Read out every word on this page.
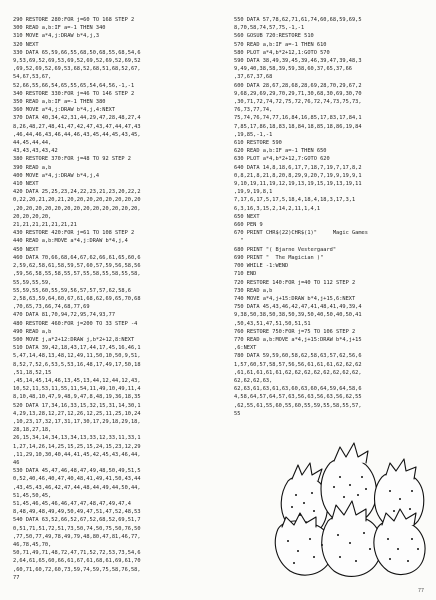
290 RESTORE 280:FOR j=60 TO 168 STEP 2
300 READ a,b:IF a=-1 THEN 340
310 MOVE a*4,j:DRAW b*4,j,3
320 NEXT
330 DATA 65,59,66,55,68,50,68,55,68,54,6
9,53,69,52,69,53,69,52,69,52,69,52,69,52
,69,52,69,52,69,53,68,52,68,51,68,52,67,
54,67,53,67,
52,66,55,66,54,65,55,65,54,64,56,-1,-1
340 RESTORE 330:FOR j=46 TO 146 STEP 2
350 READ a,b:IF a=-1 THEN 380
360 MOVE a*4,j:DRAW b*4,j,4:NEXT
370 DATA 40,34,42,31,44,29,47,28,48,27,4
8,26,48,27,48,41,47,42,47,43,47,44,47,43
,46,44,46,43,46,44,46,43,45,44,45,43,45,
44,45,44,44,
43,43,43,43,42
380 RESTORE 370:FOR j=48 TO 92 STEP 2
390 READ a,b
400 MOVE a*4,j:DRAW b*4,j,4
410 NEXT
420 DATA 25,25,23,24,22,23,21,23,20,22,2
0,22,20,21,20,21,20,20,20,20,20,20,20,20
,20,20,20,20,20,20,20,20,20,20,20,20,20,
20,20,20,20,
21,21,21,21,21,21,21
430 RESTORE 420:FOR j=61 TO 108 STEP 2
440 READ a,b:MOVE a*4,j:DRAW b*4,j,4
450 NEXT
460 DATA 70,66,68,64,67,62,66,61,65,60,6
2,59,62,58,61,58,59,57,60,57,59,56,58,56
,59,56,58,55,58,55,57,55,58,55,58,55,58,
55,59,55,59,
55,59,55,60,55,59,56,57,57,57,62,58,6
2,58,63,59,64,60,67,61,68,62,69,65,70,68
,70,65,73,66,74,68,77,69
470 DATA 81,70,94,72,95,74,93,77
480 RESTORE 460:FOR j=200 TO 33 STEP -4
490 READ a,b
500 MOVE j,a*2+12:DRAW j,b*2+12,8:NEXT
510 DATA 39,42,18,43,17,44,17,45,16,46,1
5,47,14,48,13,48,12,49,11,50,10,50,9,51,
8,52,7,52,6,53,5,53,16,48,17,49,17,50,18
,51,18,52,15
,45,14,45,14,46,13,45,13,44,12,44,12,43,
10,52,11,53,11,55,11,54,11,49,10,49,11,4
8,10,48,10,47,9,48,9,47,8,48,19,36,18,35
520 DATA 17,34,16,33,15,32,15,31,14,30,1
4,29,13,28,12,27,12,26,12,25,11,25,10,24
,10,23,17,32,17,31,17,30,17,29,18,29,18,
28,18,27,18,
26,15,34,14,34,13,34,13,33,12,33,11,33,1
1,27,14,26,14,25,15,25,15,24,15,23,12,29
,11,29,10,30,40,44,41,45,42,45,43,46,44,
46
530 DATA 45,47,46,48,47,49,48,50,49,51,5
0,52,40,46,40,47,40,48,41,49,41,50,43,44
,43,45,43,46,42,47,44,48,44,49,44,50,44,
51,45,50,45,
51,45,46,45,46,46,47,47,48,47,49,47,4
8,48,49,48,49,49,50,49,47,51,47,52,48,53
540 DATA 63,52,66,52,67,52,68,52,69,51,7
0,51,71,51,72,51,73,50,74,50,75,50,76,50
,77,50,77,49,78,49,79,48,80,47,81,46,77,
46,78,45,70,
50,71,49,71,48,72,47,71,52,72,53,73,54,6
2,64,61,65,60,66,61,67,61,68,61,69,61,70
,60,71,60,72,60,73,59,74,59,75,58,76,58,
77
550 DATA 57,78,62,71,61,74,60,68,59,69,5
8,70,58,74,57,75,-1,-1
560 GOSUB 720:RESTORE 510
570 READ a,b:IF a=-1 THEN 610
580 PLOT a*4,b*2+12,1:GOTO 570
590 DATA 38,49,39,45,39,46,39,47,39,48,3
9,49,40,38,58,39,59,38,60,37,65,37,66
,37,67,37,68
600 DATA 28,67,28,68,28,69,28,70,29,67,2
9,68,29,69,29,70,29,71,30,68,30,69,30,70
,30,71,72,74,72,75,72,76,72,74,73,75,73,
76,73,77,74,
75,74,76,74,77,16,84,16,85,17,83,17,84,1
7,85,17,86,18,83,18,84,18,85,18,86,19,84
,19,85,-1,-1
610 RESTORE 590
620 READ a,b:IF a=-1 THEN 650
630 PLOT a*4,b*2+12,7:GOTO 620
640 DATA 14,8,18,6,17,7,18,7,19,7,17,8,2
0,8,21,8,21,8,20,8,29,9,20,7,19,9,19,9,1
9,10,19,11,19,12,19,13,19,15,19,13,19,11
,19,9,19,8,1
7,17,6,17,5,17,5,18,4,18,4,18,3,17,3,1
6,3,16,3,15,2,14,2,11,1,4,1
650 NEXT
660 PEN 9
670 PRINT CHR$(22)CHR$(1)"     Magic Games
"
680 PRINT "( Bjarne Vestergaard"
690 PRINT "  The Magician )"
700 WHILE -1:WEND
710 END
720 RESTORE 140:FOR j=40 TO 112 STEP 2
730 READ a,b
740 MOVE a*4,j+15:DRAW b*4,j+15,6:NEXT
750 DATA 45,43,46,42,47,41,48,41,49,39,4
9,38,50,38,50,38,50,39,50,40,50,40,50,41
,50,43,51,47,51,50,51,51
760 RESTORE 750:FOR j=75 TO 106 STEP 2
770 READ a,b:MOVE a*4,j+15:DRAW b*4,j+15
,6:NEXT
780 DATA 59,59,60,58,62,58,63,57,62,56,6
1,57,60,57,58,57,56,56,61,61,61,62,62,62
,61,61,61,61,61,62,62,62,62,62,62,62,62,
62,62,62,63,
62,63,61,63,61,63,60,63,60,64,59,64,58,6
4,58,64,57,64,57,63,56,63,56,63,56,62,55
,62,55,61,55,60,55,60,55,59,55,58,55,57,
55
77
